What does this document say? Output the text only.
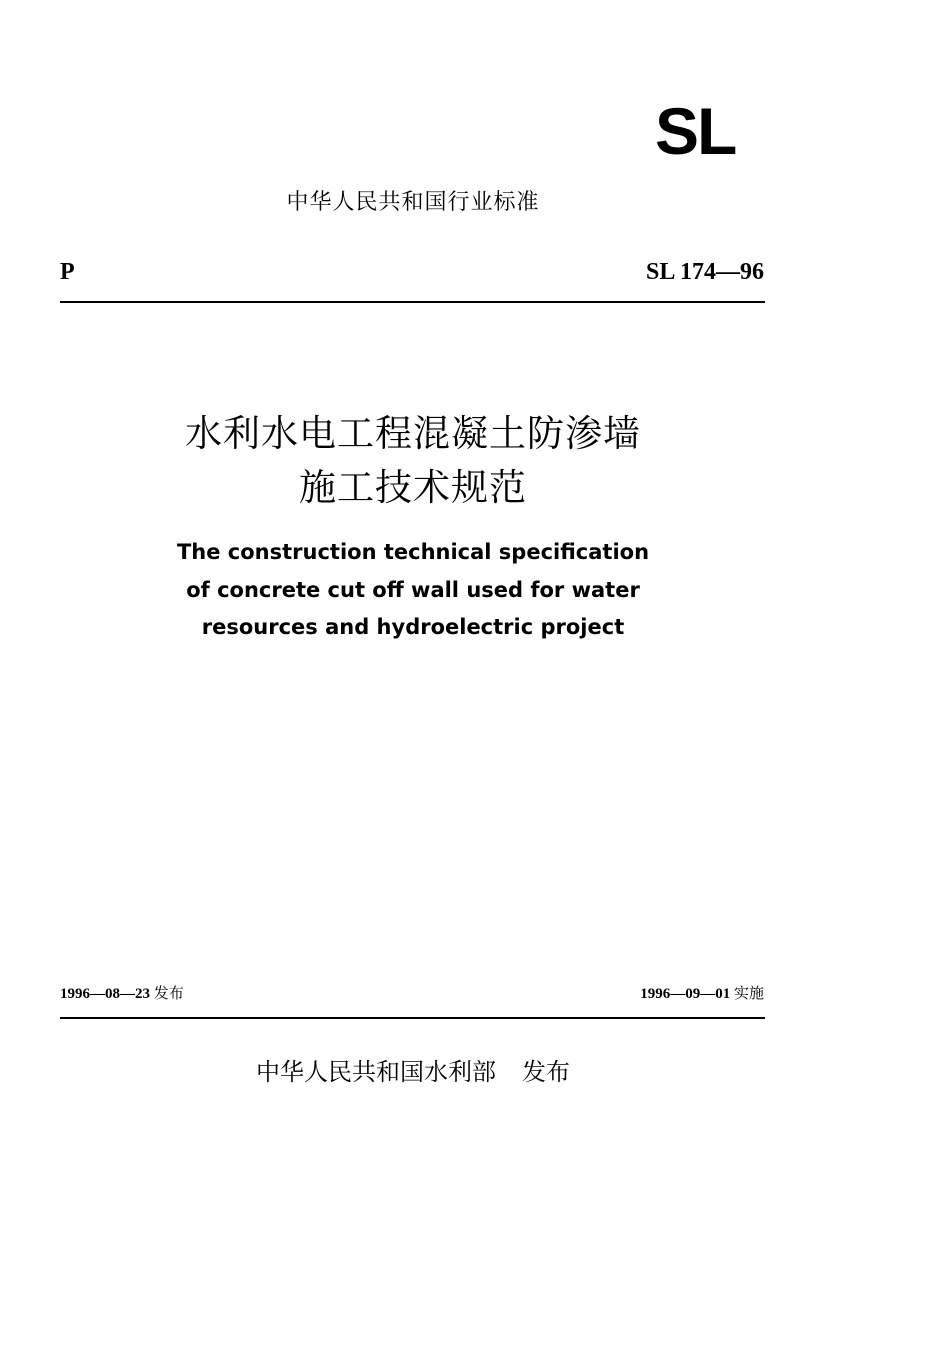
SL
中华人民共和国行业标准
P	SL 174—96
水利水电工程混凝土防渗墙
施工技术规范
The construction technical specification
of concrete cut off wall used for water
resources and hydroelectric project
1996—08—23 发布	1996—09—01 实施
中华人民共和国水利部 发布
